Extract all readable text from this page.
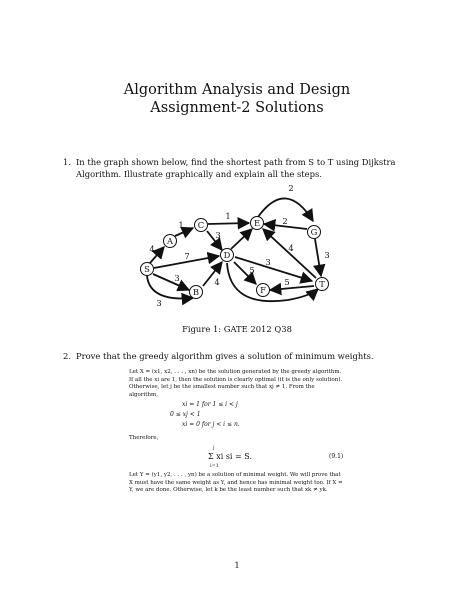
Algorithm Analysis and Design
Assignment-2 Solutions
1. In the graph shown below, find the shortest path from S to T using Dijkstra Algorithm. Illustrate graphically and explain all the steps.
S
A
B
C
D
E
F
G
T
4
1
1
3
7
3
3
4
2
2
4
3
5
3
5
Figure 1: GATE 2012 Q38
2. Prove that the greedy algorithm gives a solution of minimum weights.
Let X = (x1, x2, . . . , xn) be the solution generated by the greedy algorithm. If all the xi are 1, then the solution is clearly optimal (it is the only solution). Otherwise, let j be the smallest number such that xj ≠ 1. From the algorithm,
xi = 1 for 1 ≤ i < j
0 ≤ xj < 1
xi = 0 for j < i ≤ n.
Therefore,
j
Σ xi si = S.
i=1
(9.1)
Let Y = (y1, y2, . . . , yn) be a solution of minimal weight. We will prove that X must have the same weight as Y, and hence has minimal weight too. If X = Y, we are done. Otherwise, let k be the least number such that xk ≠ yk.
1
